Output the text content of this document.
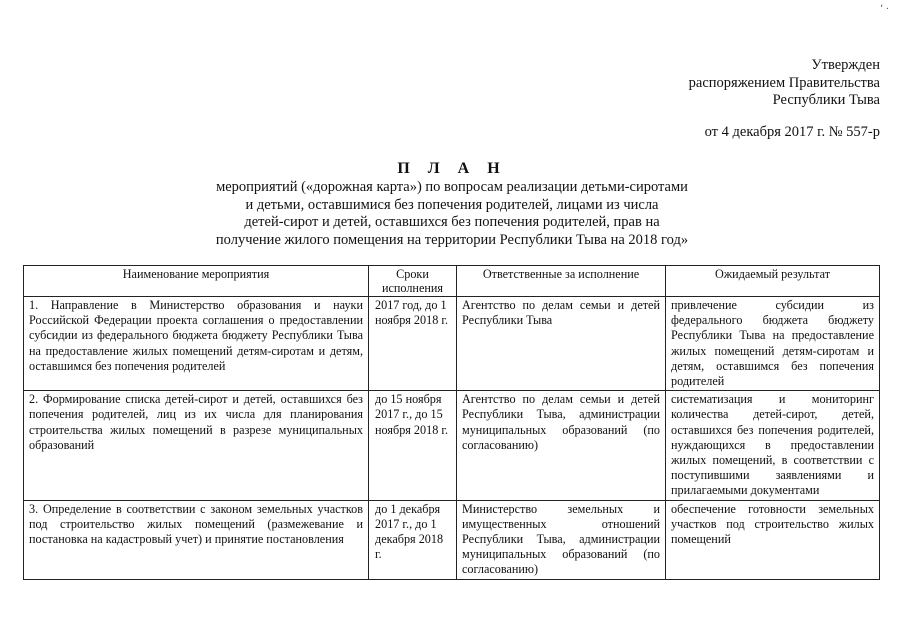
٬ ·
Утвержден
распоряжением Правительства
Республики Тыва
от 4 декабря 2017 г. № 557-р
П Л А Н
мероприятий («дорожная карта») по вопросам реализации детьми-сиротами
и детьми, оставшимися без попечения родителей, лицами из числа
детей-сирот и детей, оставшихся без попечения родителей, прав на
получение жилого помещения на территории Республики Тыва на 2018 год»
Наименование мероприятия	Сроки исполнения	Ответственные за исполнение	Ожидаемый результат
1. Направление в Министерство образования и науки Российской Федерации проекта соглашения о предоставлении субсидии из федерального бюджета бюджету Республики Тыва на предоставление жилых помещений детям-сиротам и детям, оставшимся без попечения родителей	2017 год, до 1 ноября 2018 г.	Агентство по делам семьи и детей Республики Тыва	привлечение субсидии из федерального бюджета бюджету Республики Тыва на предоставление жилых помещений детям-сиротам и детям, оставшимся без попечения родителей
2. Формирование списка детей-сирот и детей, оставшихся без попечения родителей, лиц из их числа для планирования строительства жилых помещений в разрезе муниципальных образований	до 15 ноября 2017 г., до 15 ноября 2018 г.	Агентство по делам семьи и детей Республики Тыва, администрации муниципальных образований (по согласованию)	систематизация и мониторинг количества детей-сирот, детей, оставшихся без попечения родителей, нуждающихся в предоставлении жилых помещений, в соответствии с поступившими заявлениями и прилагаемыми документами
3. Определение в соответствии с законом земельных участков под строительство жилых помещений (размежевание и постановка на кадастровый учет) и принятие постановления	до 1 декабря 2017 г., до 1 декабря 2018 г.	Министерство земельных и имущественных отношений Республики Тыва, администрации муниципальных образований (по согласованию)	обеспечение готовности земельных участков под строительство жилых помещений
